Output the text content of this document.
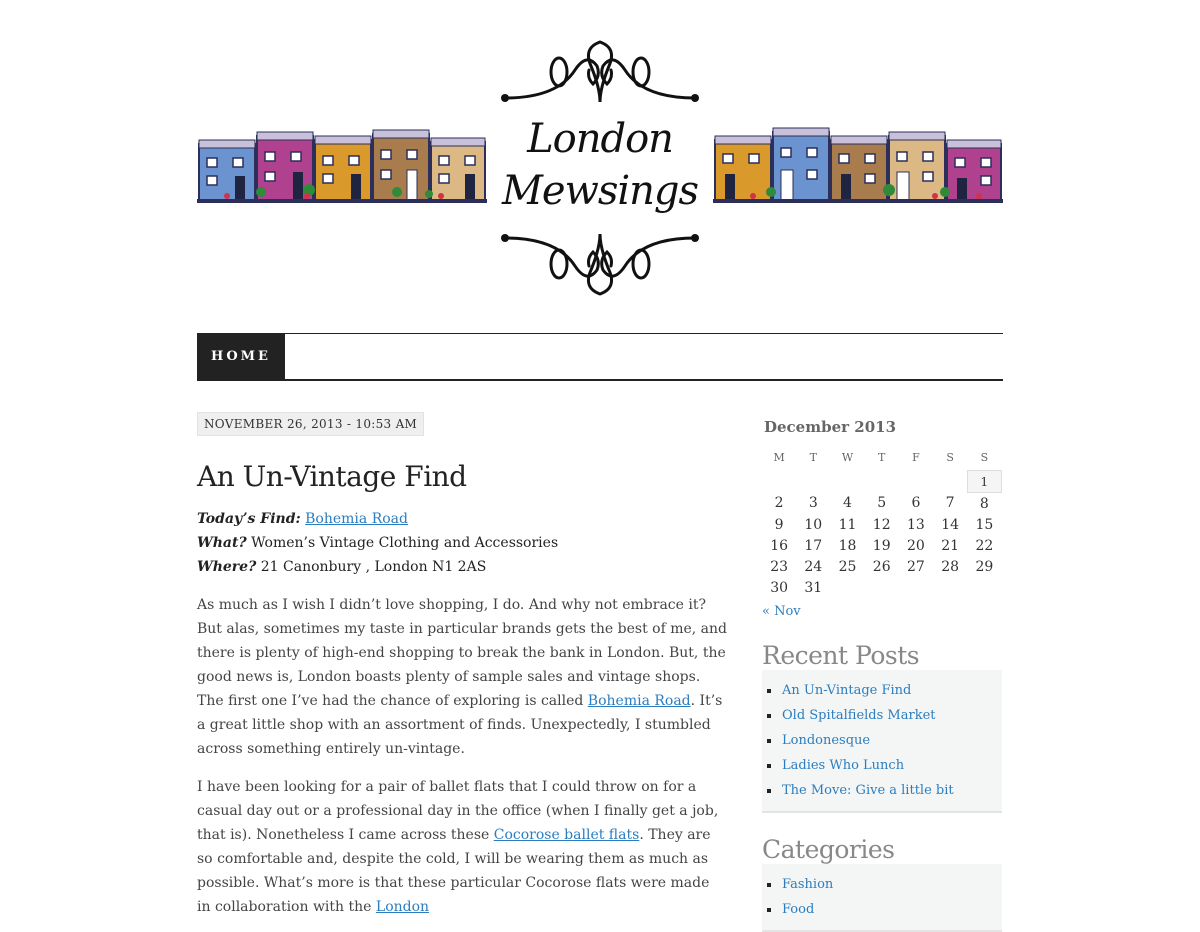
London
Mewsings
HOME
NOVEMBER 26, 2013 - 10:53 AM
An Un-Vintage Find
Today’s Find: Bohemia Road
What? Women’s Vintage Clothing and Accessories
Where? 21 Canonbury , London N1 2AS

As much as I wish I didn’t love shopping, I do. And why not embrace it? But alas, sometimes my taste in particular brands gets the best of me, and there is plenty of high-end shopping to break the bank in London. But, the good news is, London boasts plenty of sample sales and vintage shops. The first one I’ve had the chance of exploring is called Bohemia Road. It’s a great little shop with an assortment of finds. Unexpectedly, I stumbled across something entirely un-vintage.

I have been looking for a pair of ballet flats that I could throw on for a casual day out or a professional day in the office (when I finally get a job, that is). Nonetheless I came across these Cocorose ballet flats. They are so comfortable and, despite the cold, I will be wearing them as much as possible. What’s more is that these particular Cocorose flats were made in collaboration with the London

December 2013
M	T	W	T	F	S	S
						1
2	3	4	5	6	7	8
9	10	11	12	13	14	15
16	17	18	19	20	21	22
23	24	25	26	27	28	29
30	31					
« Nov
Recent Posts
An Un-Vintage Find
Old Spitalfields Market
Londonesque
Ladies Who Lunch
The Move: Give a little bit
Categories
Fashion
Food
